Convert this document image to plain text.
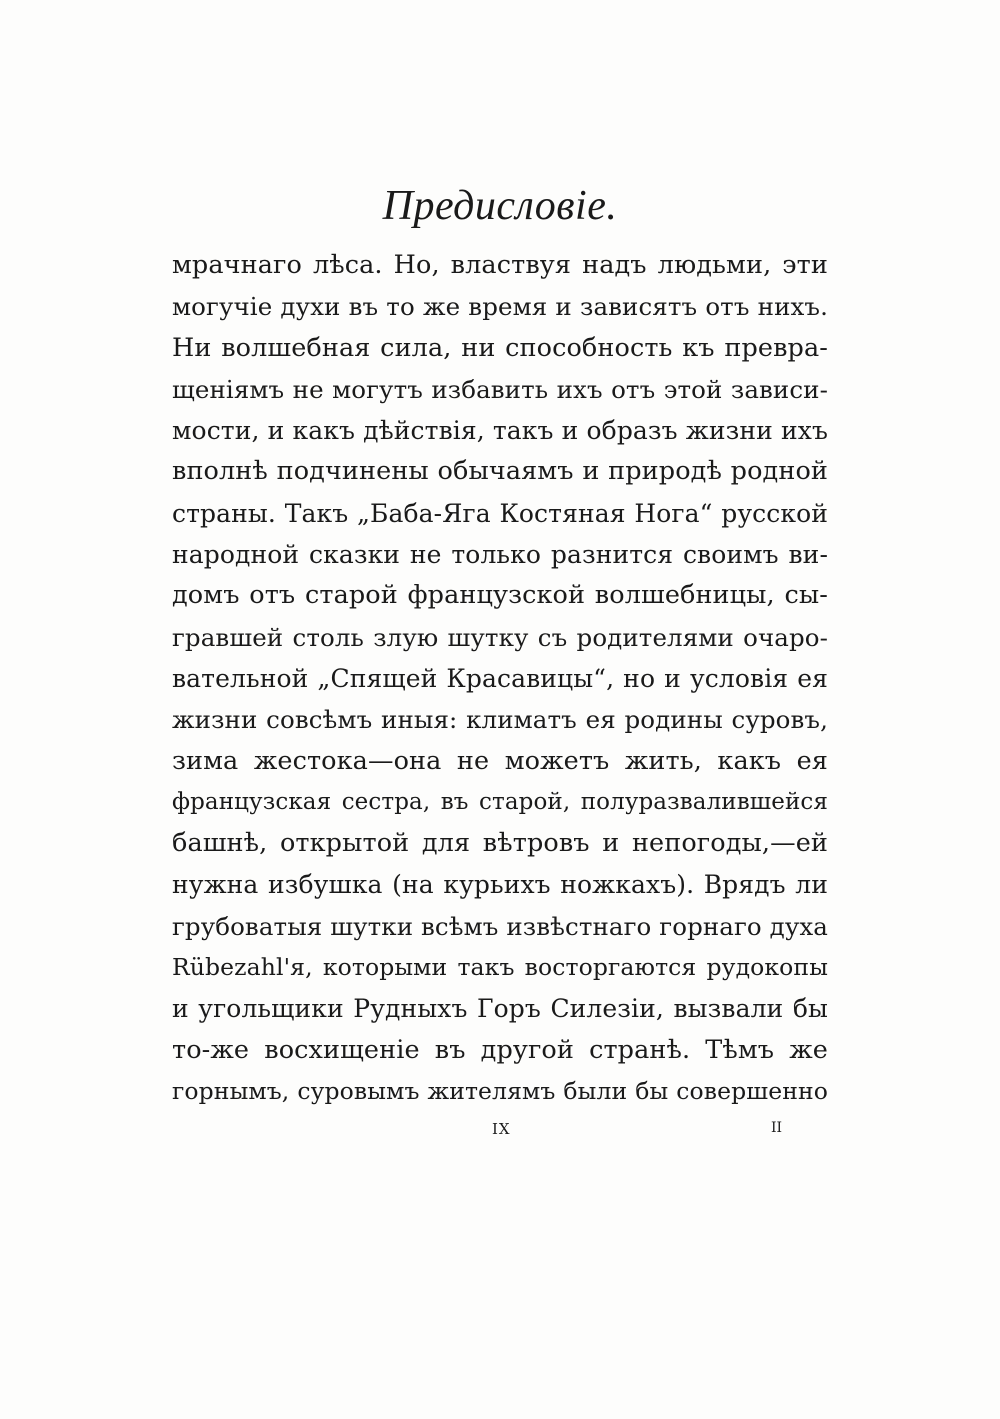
Предисловіе.
мрачнаго лѣса. Но, властвуя надъ людьми, эти
могучіе духи въ то же время и зависятъ отъ нихъ.
Ни волшебная сила, ни способность къ превра-
щеніямъ не могутъ избавить ихъ отъ этой зависи-
мости, и какъ дѣйствія, такъ и образъ жизни ихъ
вполнѣ подчинены обычаямъ и природѣ родной
страны. Такъ „Баба-Яга Костяная Нога“ русской
народной сказки не только разнится своимъ ви-
домъ отъ старой французской волшебницы, сы-
гравшей столь злую шутку съ родителями очаро-
вательной „Спящей Красавицы“, но и условія ея
жизни совсѣмъ иныя: климатъ ея родины суровъ,
зима жестока—она не можетъ жить, какъ ея
французская сестра, въ старой, полуразвалившейся
башнѣ, открытой для вѣтровъ и непогоды,—ей
нужна избушка (на курьихъ ножкахъ). Врядъ ли
грубоватыя шутки всѣмъ извѣстнаго горнаго духа
Rübezahl'я, которыми такъ восторгаются рудокопы
и угольщики Рудныхъ Горъ Силезіи, вызвали бы
то-же восхищеніе въ другой странѣ. Тѣмъ же
горнымъ, суровымъ жителямъ были бы совершенно
IX	II
